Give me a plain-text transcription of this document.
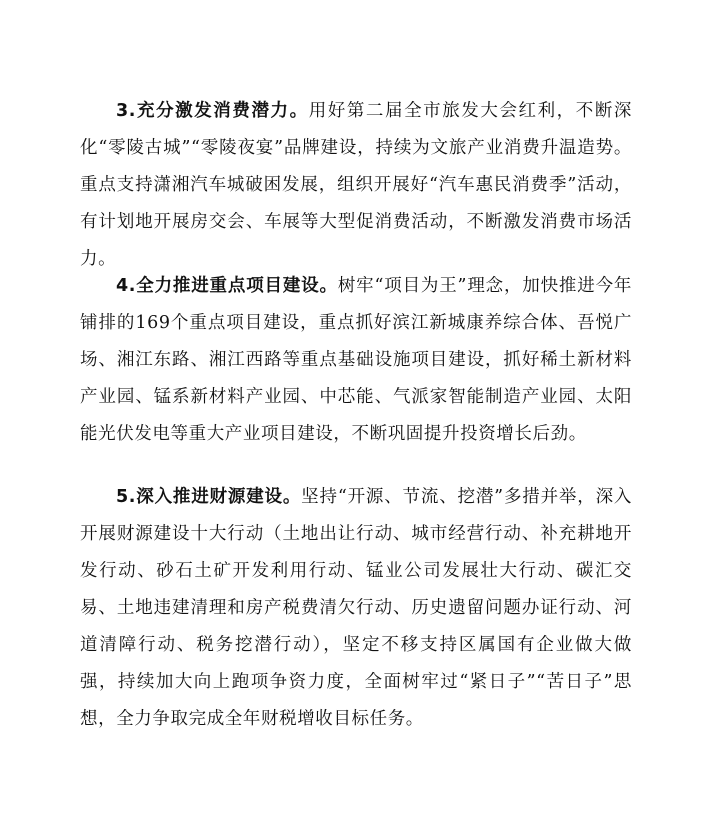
3.充分激发消费潜力。用好第二届全市旅发大会红利，不断深化“零陵古城”“零陵夜宴”品牌建设，持续为文旅产业消费升温造势。重点支持潇湘汽车城破困发展，组织开展好“汽车惠民消费季”活动，有计划地开展房交会、车展等大型促消费活动，不断激发消费市场活力。

4.全力推进重点项目建设。树牢“项目为王”理念，加快推进今年铺排的169个重点项目建设，重点抓好滨江新城康养综合体、吾悦广场、湘江东路、湘江西路等重点基础设施项目建设，抓好稀土新材料产业园、锰系新材料产业园、中芯能、气派家智能制造产业园、太阳能光伏发电等重大产业项目建设，不断巩固提升投资增长后劲。

5.深入推进财源建设。坚持“开源、节流、挖潜”多措并举，深入开展财源建设十大行动（土地出让行动、城市经营行动、补充耕地开发行动、砂石土矿开发利用行动、锰业公司发展壮大行动、碳汇交易、土地违建清理和房产税费清欠行动、历史遗留问题办证行动、河道清障行动、税务挖潜行动），坚定不移支持区属国有企业做大做强，持续加大向上跑项争资力度，全面树牢过“紧日子”“苦日子”思想，全力争取完成全年财税增收目标任务。
